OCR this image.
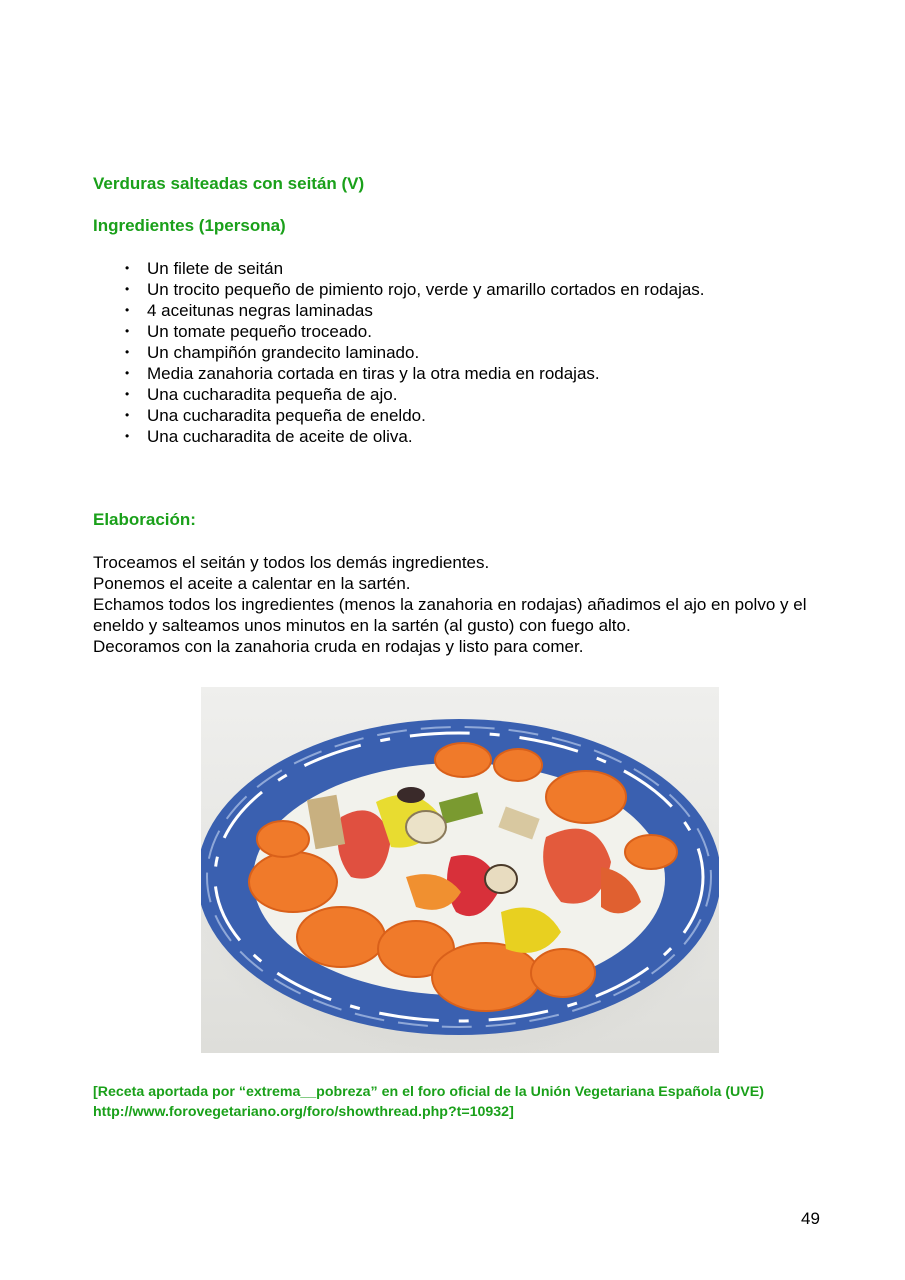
Verduras salteadas con seitán (V)
Ingredientes (1persona)
• Un filete de seitán
• Un trocito pequeño de pimiento rojo, verde y amarillo cortados en rodajas.
• 4 aceitunas negras laminadas
• Un tomate pequeño troceado.
• Un champiñón grandecito laminado.
• Media zanahoria cortada en tiras y la otra media en rodajas.
• Una cucharadita pequeña de ajo.
• Una cucharadita pequeña de eneldo.
• Una cucharadita de aceite de oliva.
Elaboración:

Troceamos el seitán y todos los demás ingredientes.

Ponemos el aceite a calentar en la sartén.

Echamos todos los ingredientes (menos la zanahoria en rodajas) añadimos el ajo en polvo y el eneldo y salteamos unos minutos en la sartén (al gusto) con fuego alto.

Decoramos con la zanahoria cruda en rodajas y listo para comer.

[Receta aportada por “extrema__pobreza” en el foro oficial de la Unión Vegetariana Española (UVE)

http://www.forovegetariano.org/foro/showthread.php?t=10932]

49
